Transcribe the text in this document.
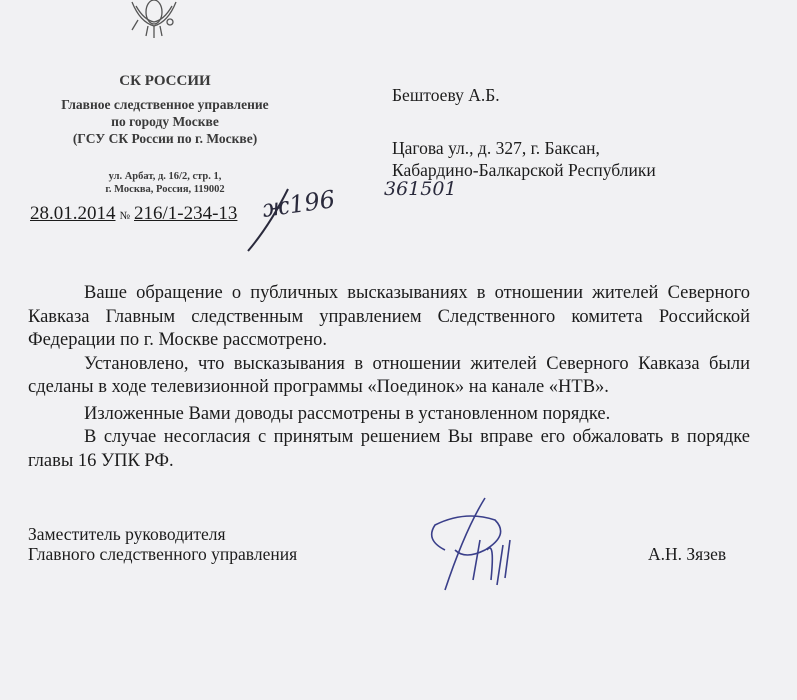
СК РОССИИ
Главное следственное управление
по городу Москве
(ГСУ СК России по г. Москве)
ул. Арбат, д. 16/2, стр. 1,
г. Москва, Россия, 119002
28.01.2014 № 216/1-234-13 ж196
Бештоеву А.Б.
Цагова ул., д. 327, г. Баксан,
Кабардино-Балкарской Республики
361501

Ваше обращение о публичных высказываниях в отношении жителей Северного Кавказа Главным следственным управлением Следственного комитета Российской Федерации по г. Москве рассмотрено.

Установлено, что высказывания в отношении жителей Северного Кавказа были сделаны в ходе телевизионной программы «Поединок» на канале «НТВ».

Изложенные Вами доводы рассмотрены в установленном порядке.

В случае несогласия с принятым решением Вы вправе его обжаловать в порядке главы 16 УПК РФ.

Заместитель руководителя
Главного следственного управления	А.Н. Зязев
